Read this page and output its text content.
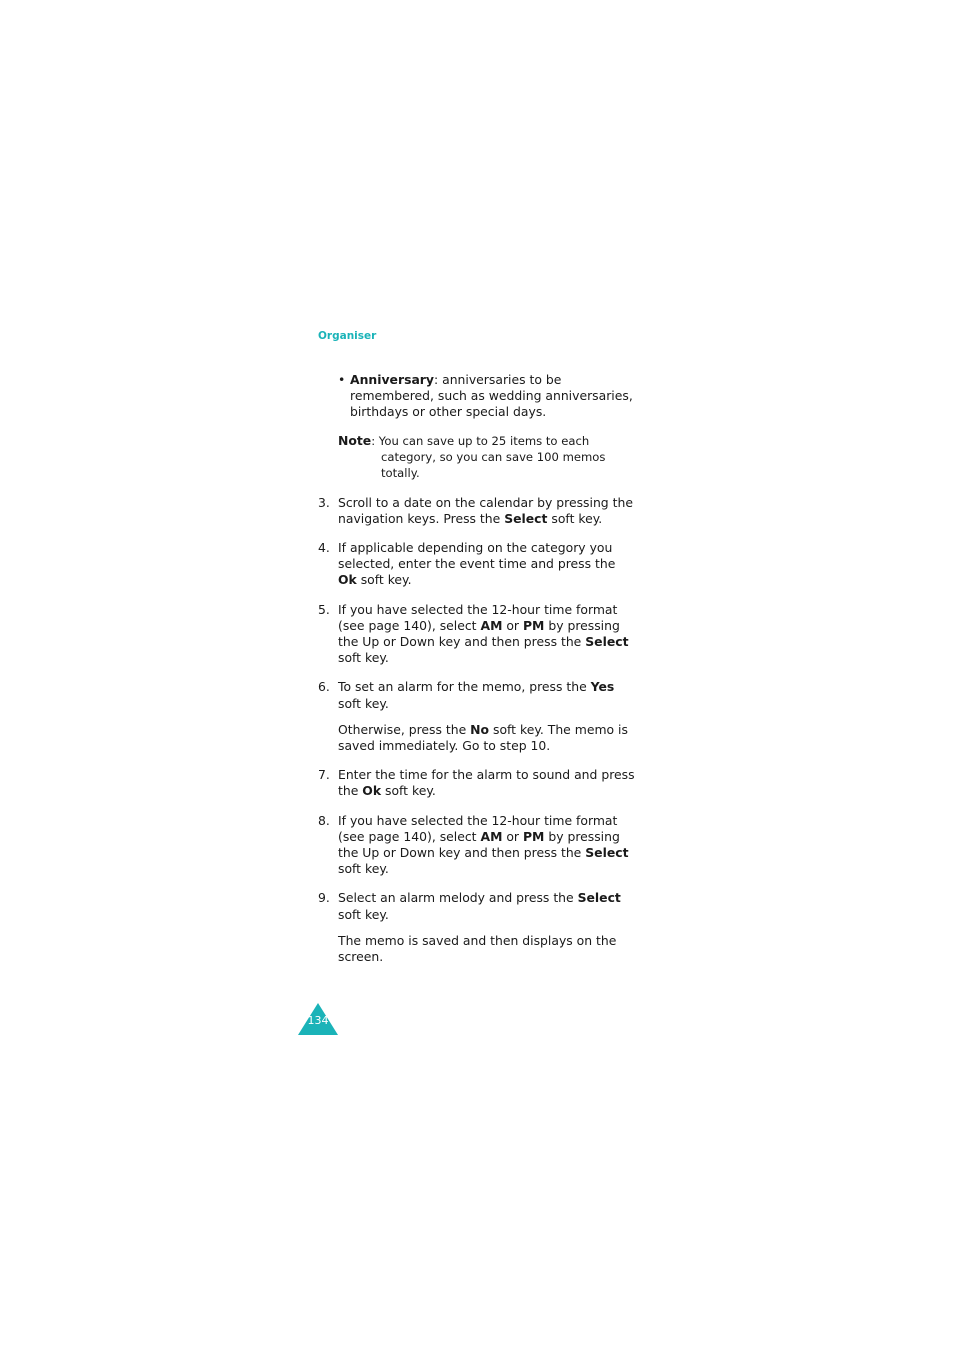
Organiser
• Anniversary: anniversaries to be remembered, such as wedding anniversaries, birthdays or other special days.
Note: You can save up to 25 items to each category, so you can save 100 memos totally.
3. Scroll to a date on the calendar by pressing the navigation keys. Press the Select soft key.
4. If applicable depending on the category you selected, enter the event time and press the Ok soft key.
5. If you have selected the 12-hour time format (see page 140), select AM or PM by pressing the Up or Down key and then press the Select soft key.
6. To set an alarm for the memo, press the Yes soft key.
Otherwise, press the No soft key. The memo is saved immediately. Go to step 10.
7. Enter the time for the alarm to sound and press the Ok soft key.
8. If you have selected the 12-hour time format (see page 140), select AM or PM by pressing the Up or Down key and then press the Select soft key.
9. Select an alarm melody and press the Select soft key.
The memo is saved and then displays on the screen.
134
